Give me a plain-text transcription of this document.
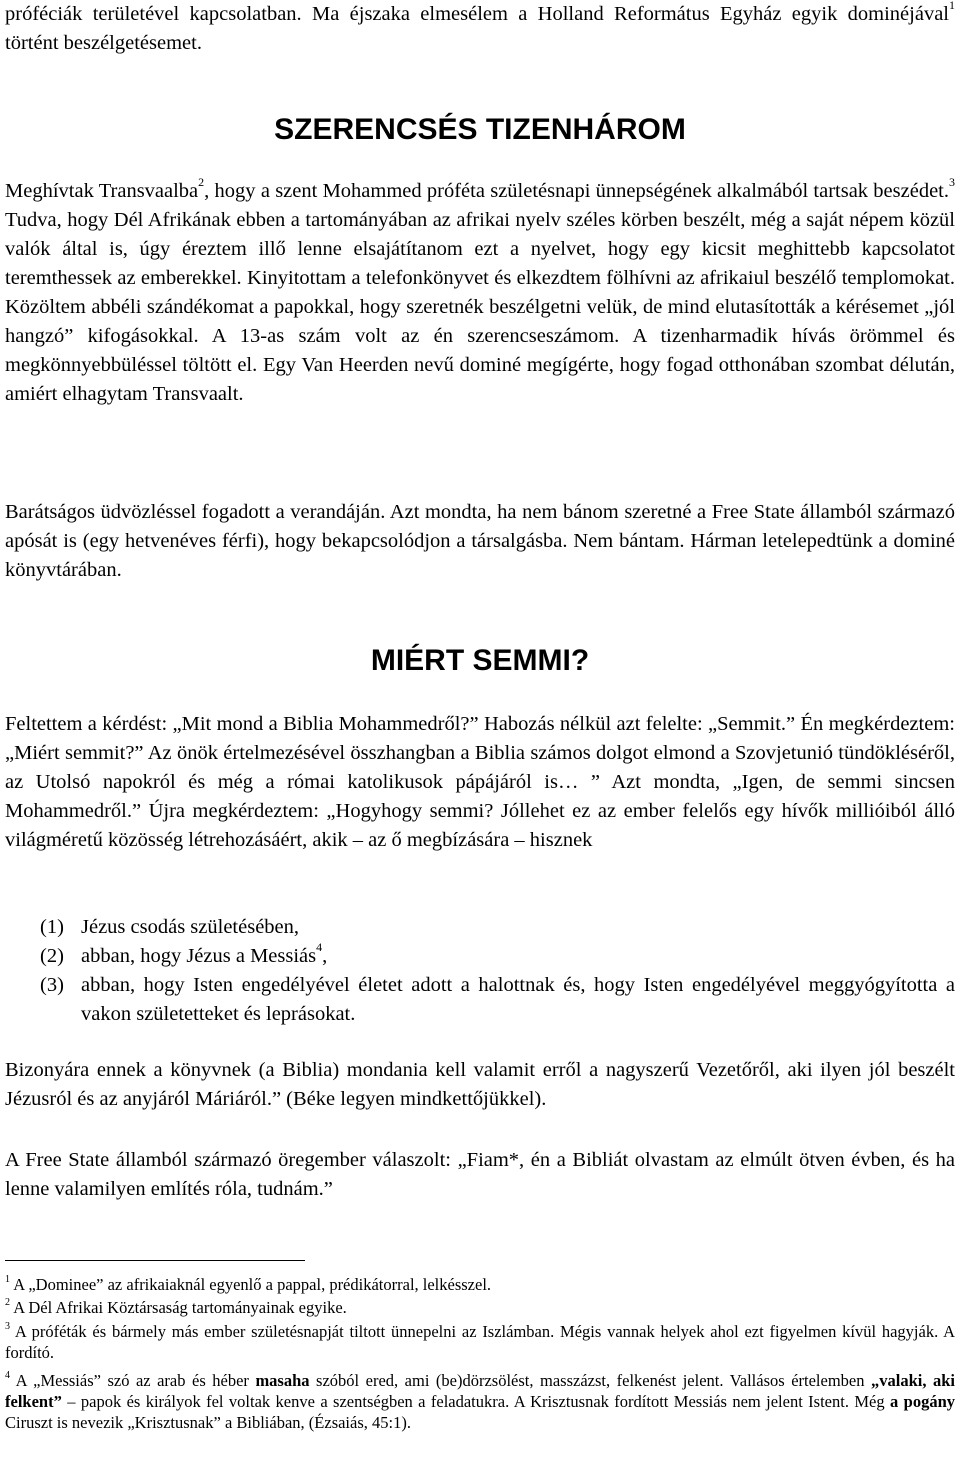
próféciák területével kapcsolatban. Ma éjszaka elmesélem a Holland Református Egyház egyik dominéjával$^1$ történt beszélgetésemet.

SZERENCSÉS TIZENHÁROM

Meghívtak Transvaalba$^2$, hogy a szent Mohammed próféta születésnapi ünnepségének alkalmából tartsak beszédet.$^3$ Tudva, hogy Dél Afrikának ebben a tartományában az afrikai nyelv széles körben beszélt, még a saját népem közül valók által is, úgy éreztem illő lenne elsajátítanom ezt a nyelvet, hogy egy kicsit meghittebb kapcsolatot teremthessek az emberekkel. Kinyitottam a telefonkönyvet és elkezdtem fölhívni az afrikaiul beszélő templomokat. Közöltem abbéli szándékomat a papokkal, hogy szeretnék beszélgetni velük, de mind elutasították a kérésemet „jól hangzó” kifogásokkal. A 13-as szám volt az én szerencseszámom. A tizenharmadik hívás örömmel és megkönnyebbüléssel töltött el. Egy Van Heerden nevű dominé megígérte, hogy fogad otthonában szombat délután, amiért elhagytam Transvaalt.

Barátságos üdvözléssel fogadott a verandáján. Azt mondta, ha nem bánom szeretné a Free State államból származó apósát is (egy hetvenéves férfi), hogy bekapcsolódjon a társalgásba. Nem bántam. Hárman letelepedtünk a dominé könyvtárában.

MIÉRT SEMMI?

Feltettem a kérdést: „Mit mond a Biblia Mohammedről?” Habozás nélkül azt felelte: „Semmit.” Én megkérdeztem: „Miért semmit?” Az önök értelmezésével összhangban a Biblia számos dolgot elmond a Szovjetunió tündökléséről, az Utolsó napokról és még a római katolikusok pápájáról is… ” Azt mondta, „Igen, de semmi sincsen Mohammedről.” Újra megkérdeztem: „Hogyhogy semmi? Jóllehet ez az ember felelős egy hívők millióiból álló világméretű közösség létrehozásáért, akik – az ő megbízására – hisznek

(1) Jézus csodás születésében,
(2) abban, hogy Jézus a Messiás$^4$,
(3) abban, hogy Isten engedélyével életet adott a halottnak és, hogy Isten engedélyével meggyógyította a vakon születetteket és leprásokat.

Bizonyára ennek a könyvnek (a Biblia) mondania kell valamit erről a nagyszerű Vezetőről, aki ilyen jól beszélt Jézusról és az anyjáról Máriáról.” (Béke legyen mindkettőjükkel).

A Free State államból származó öregember válaszolt: „Fiam*, én a Bibliát olvastam az elmúlt ötven évben, és ha lenne valamilyen említés róla, tudnám.”

$^1$ A „Dominee” az afrikaiaknál egyenlő a pappal, prédikátorral, lelkésszel.

$^2$ A Dél Afrikai Köztársaság tartományainak egyike.

$^3$ A próféták és bármely más ember születésnapját tiltott ünnepelni az Iszlámban. Mégis vannak helyek ahol ezt figyelmen kívül hagyják. A fordító.

$^4$ A „Messiás” szó az arab és héber masaha szóból ered, ami (be)dörzsölést, masszázst, felkenést jelent. Vallásos értelemben „valaki, aki felkent” – papok és királyok fel voltak kenve a szentségben a feladatukra. A Krisztusnak fordított Messiás nem jelent Istent. Még a pogány Ciruszt is nevezik „Krisztusnak” a Bibliában, (Ézsaiás, 45:1).
